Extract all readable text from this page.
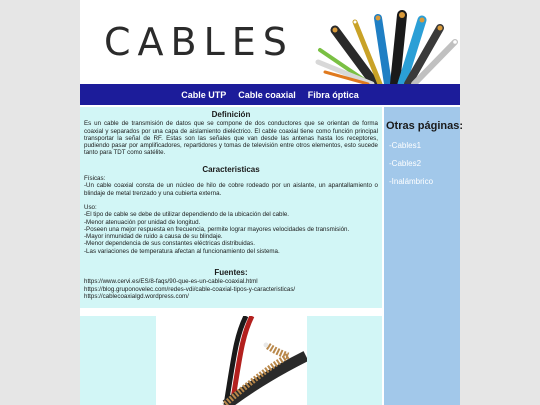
CABLES
Cable UTP Cable coaxial Fibra óptica
Definición

Es un cable de transmisión de datos que se compone de dos conductores que se orientan de forma coaxial y separados por una capa de aislamiento dieléctrico. El cable coaxial tiene como función principal transportar la señal de RF. Estas son las señales que van desde las antenas hasta los receptores, pudiendo pasar por amplificadores, repartidores y tomas de televisión entre otros elementos, esto sucede tanto para TDT como satélite.

Caracteristicas

Físicas:

-Un cable coaxial consta de un núcleo de hilo de cobre rodeado por un aislante, un apantallamiento o blindaje de metal trenzado y una cubierta externa.

Uso:

-El tipo de cable se debe de utilizar dependiendo de la ubicación del cable.

-Menor atenuación por unidad de longitud.

-Poseen una mejor respuesta en frecuencia, permite lograr mayores velocidades de transmisión.

-Mayor inmunidad de ruido a causa de su blindaje.

-Menor dependencia de sus constantes eléctricas distribuidas.

-Las variaciones de temperatura afectan al funcionamiento del sistema.

Fuentes:

https://www.cervi.es/ES/8-faqs/90-que-es-un-cable-coaxial.html

https://blog.gruponovelec.com/redes-vdi/cable-coaxial-tipos-y-caracteristicas/

https://cablecoaxialgd.wordpress.com/

Otras páginas:
-Cables1
-Cables2
-Inalámbrico
